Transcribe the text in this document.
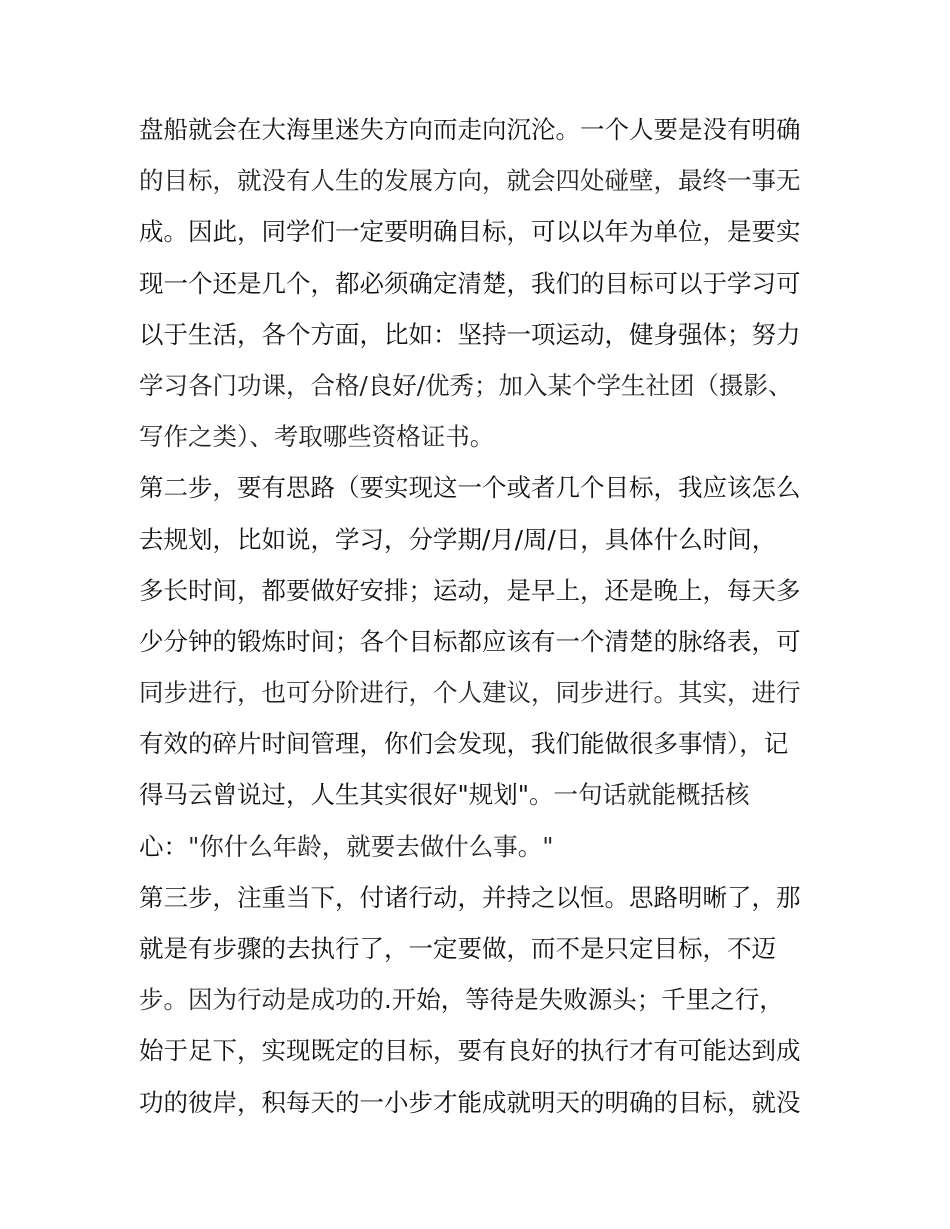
盘船就会在大海里迷失方向而走向沉沦。一个人要是没有明确
的目标，就没有人生的发展方向，就会四处碰壁，最终一事无
成。因此，同学们一定要明确目标，可以以年为单位，是要实
现一个还是几个，都必须确定清楚，我们的目标可以于学习可
以于生活，各个方面，比如：坚持一项运动，健身强体；努力
学习各门功课，合格/良好/优秀；加入某个学生社团（摄影、
写作之类）、考取哪些资格证书。
第二步，要有思路（要实现这一个或者几个目标，我应该怎么
去规划，比如说，学习，分学期/月/周/日，具体什么时间，
多长时间，都要做好安排；运动，是早上，还是晚上，每天多
少分钟的锻炼时间；各个目标都应该有一个清楚的脉络表，可
同步进行，也可分阶进行，个人建议，同步进行。其实，进行
有效的碎片时间管理，你们会发现，我们能做很多事情），记
得马云曾说过，人生其实很好"规划"。一句话就能概括核
心："你什么年龄，就要去做什么事。"
第三步，注重当下，付诸行动，并持之以恒。思路明晰了，那
就是有步骤的去执行了，一定要做，而不是只定目标，不迈
步。因为行动是成功的.开始，等待是失败源头；千里之行，
始于足下，实现既定的目标，要有良好的执行才有可能达到成
功的彼岸，积每天的一小步才能成就明天的明确的目标，就没
